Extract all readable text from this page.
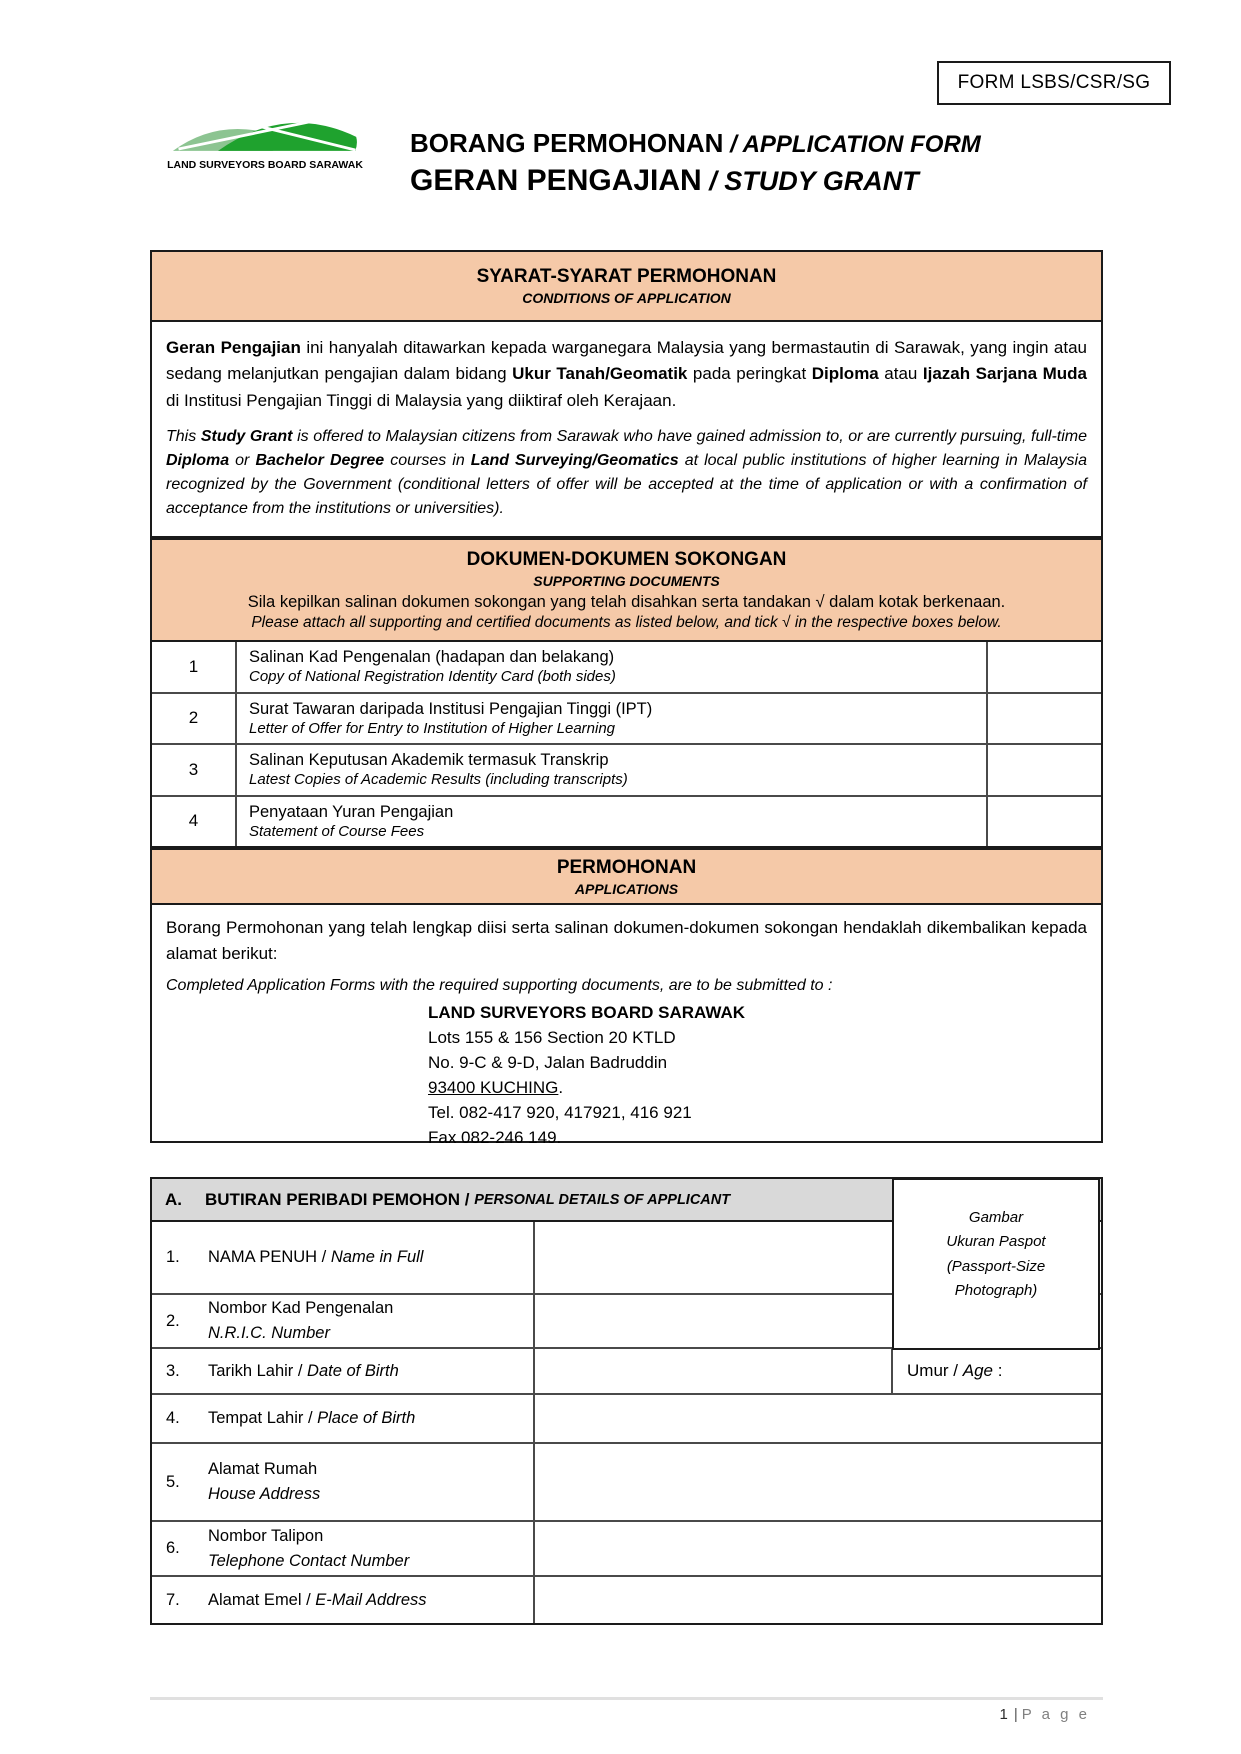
FORM LSBS/CSR/SG
LAND SURVEYORS BOARD SARAWAK
BORANG PERMOHONAN / APPLICATION FORM
GERAN PENGAJIAN / STUDY GRANT
SYARAT-SYARAT PERMOHONAN
CONDITIONS OF APPLICATION

Geran Pengajian ini hanyalah ditawarkan kepada warganegara Malaysia yang bermastautin di Sarawak, yang ingin atau sedang melanjutkan pengajian dalam bidang Ukur Tanah/Geomatik pada peringkat Diploma atau Ijazah Sarjana Muda di Institusi Pengajian Tinggi di Malaysia yang diiktiraf oleh Kerajaan.

This Study Grant is offered to Malaysian citizens from Sarawak who have gained admission to, or are currently pursuing, full-time Diploma or Bachelor Degree courses in Land Surveying/Geomatics at local public institutions of higher learning in Malaysia recognized by the Government (conditional letters of offer will be accepted at the time of application or with a confirmation of acceptance from the institutions or universities).

DOKUMEN-DOKUMEN SOKONGAN
SUPPORTING DOCUMENTS
Sila kepilkan salinan dokumen sokongan yang telah disahkan serta tandakan √ dalam kotak berkenaan.
Please attach all supporting and certified documents as listed below, and tick √ in the respective boxes below.
1	Salinan Kad Pengenalan (hadapan dan belakang)
Copy of National Registration Identity Card (both sides)
2	Surat Tawaran daripada Institusi Pengajian Tinggi (IPT)
Letter of Offer for Entry to Institution of Higher Learning
3	Salinan Keputusan Akademik termasuk Transkrip
Latest Copies of Academic Results (including transcripts)
4	Penyataan Yuran Pengajian
Statement of Course Fees
PERMOHONAN
APPLICATIONS

Borang Permohonan yang telah lengkap diisi serta salinan dokumen-dokumen sokongan hendaklah dikembalikan kepada alamat berikut:

Completed Application Forms with the required supporting documents, are to be submitted to :

LAND SURVEYORS BOARD SARAWAK
Lots 155 & 156 Section 20 KTLD
No. 9-C & 9-D, Jalan Badruddin
93400 KUCHING.
Tel. 082-417 920, 417921, 416 921
Fax 082-246 149.
A.	BUTIRAN PERIBADI PEMOHON / PERSONAL DETAILS OF APPLICANT
1.	NAMA PENUH / Name in Full
2.
Nombor Kad Pengenalan
N.R.I.C. Number
3.	Tarikh Lahir / Date of Birth	Umur / Age :
4.	Tempat Lahir / Place of Birth
5.
Alamat Rumah
House Address
6.
Nombor Talipon
Telephone Contact Number
7.	Alamat Emel / E-Mail Address
Gambar
Ukuran Paspot
(Passport-Size
Photograph)
1 | P a g e
